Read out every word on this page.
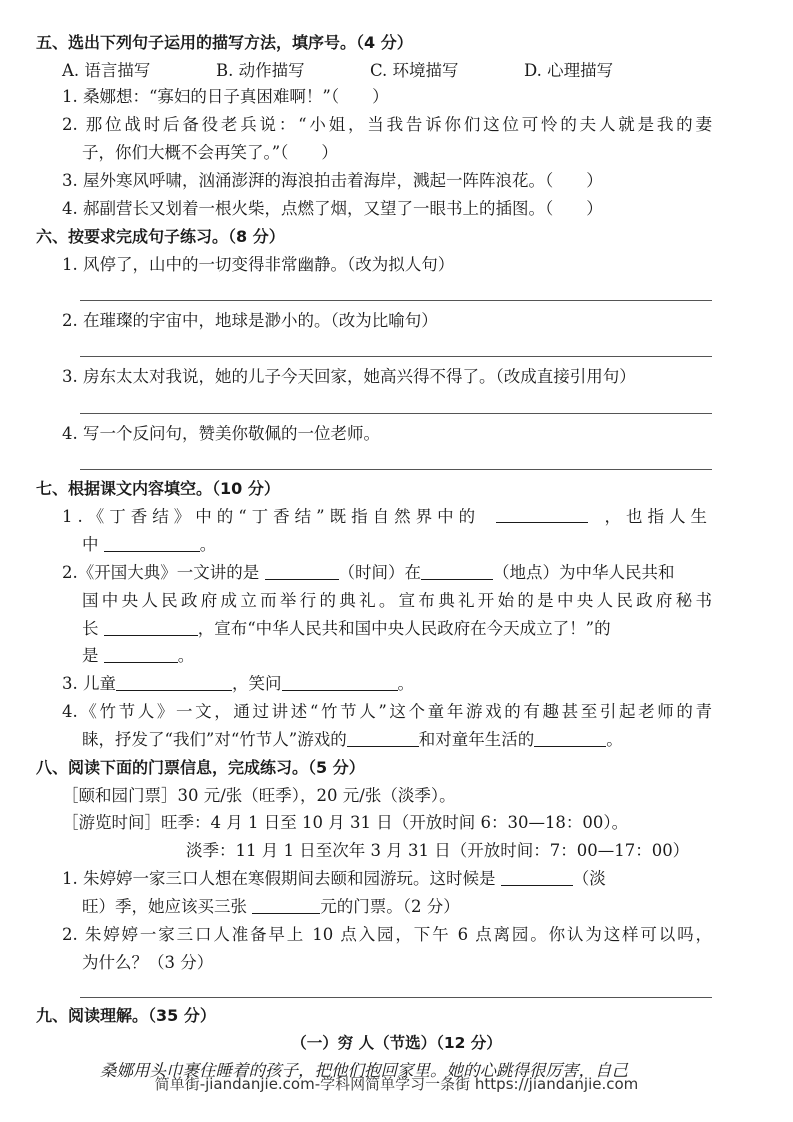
五、选出下列句子运用的描写方法，填序号。（4 分）
A. 语言描写	B. 动作描写	C. 环境描写	D. 心理描写
1. 桑娜想：“寡妇的日子真困难啊！”（　　）
2. 那位战时后备役老兵说：“小姐，当我告诉你们这位可怜的夫人就是我的妻
子，你们大概不会再笑了。”（　　）
3. 屋外寒风呼啸，汹涌澎湃的海浪拍击着海岸，溅起一阵阵浪花。（　　）
4. 郝副营长又划着一根火柴，点燃了烟，又望了一眼书上的插图。（　　）
六、按要求完成句子练习。（8 分）
1. 风停了，山中的一切变得非常幽静。（改为拟人句）
2. 在璀璨的宇宙中，地球是渺小的。（改为比喻句）
3. 房东太太对我说，她的儿子今天回家，她高兴得不得了。（改成直接引用句）
4. 写一个反问句，赞美你敬佩的一位老师。
七、根据课文内容填空。（10 分）
1.《丁香结》中的“丁香结”既指自然界中的	，也指人生
中	。
2.《开国大典》一文讲的是	（时间）在	（地点）为中华人民共和
国中央人民政府成立而举行的典礼。宣布典礼开始的是中央人民政府秘书
长	，宣布“中华人民共和国中央人民政府在今天成立了！”的
是	。
3. 儿童	，笑问	。
4.《竹节人》一文，通过讲述“竹节人”这个童年游戏的有趣甚至引起老师的青
睐，抒发了“我们”对“竹节人”游戏的	和对童年生活的	。
八、阅读下面的门票信息，完成练习。（5 分）
［颐和园门票］30 元/张（旺季），20 元/张（淡季）。
［游览时间］旺季：4 月 1 日至 10 月 31 日（开放时间 6：30—18：00）。
淡季：11 月 1 日至次年 3 月 31 日（开放时间：7：00—17：00）
1. 朱婷婷一家三口人想在寒假期间去颐和园游玩。这时候是	（淡
旺）季，她应该买三张	元的门票。（2 分）
2. 朱婷婷一家三口人准备早上 10 点入园，下午 6 点离园。你认为这样可以吗，
为什么？（3 分）
九、阅读理解。（35 分）
（一）穷 人（节选）（12 分）
桑娜用头巾裹住睡着的孩子，把他们抱回家里。她的心跳得很厉害，自己
简单街-jiandanjie.com-学科网简单学习一条街 https://jiandanjie.com
